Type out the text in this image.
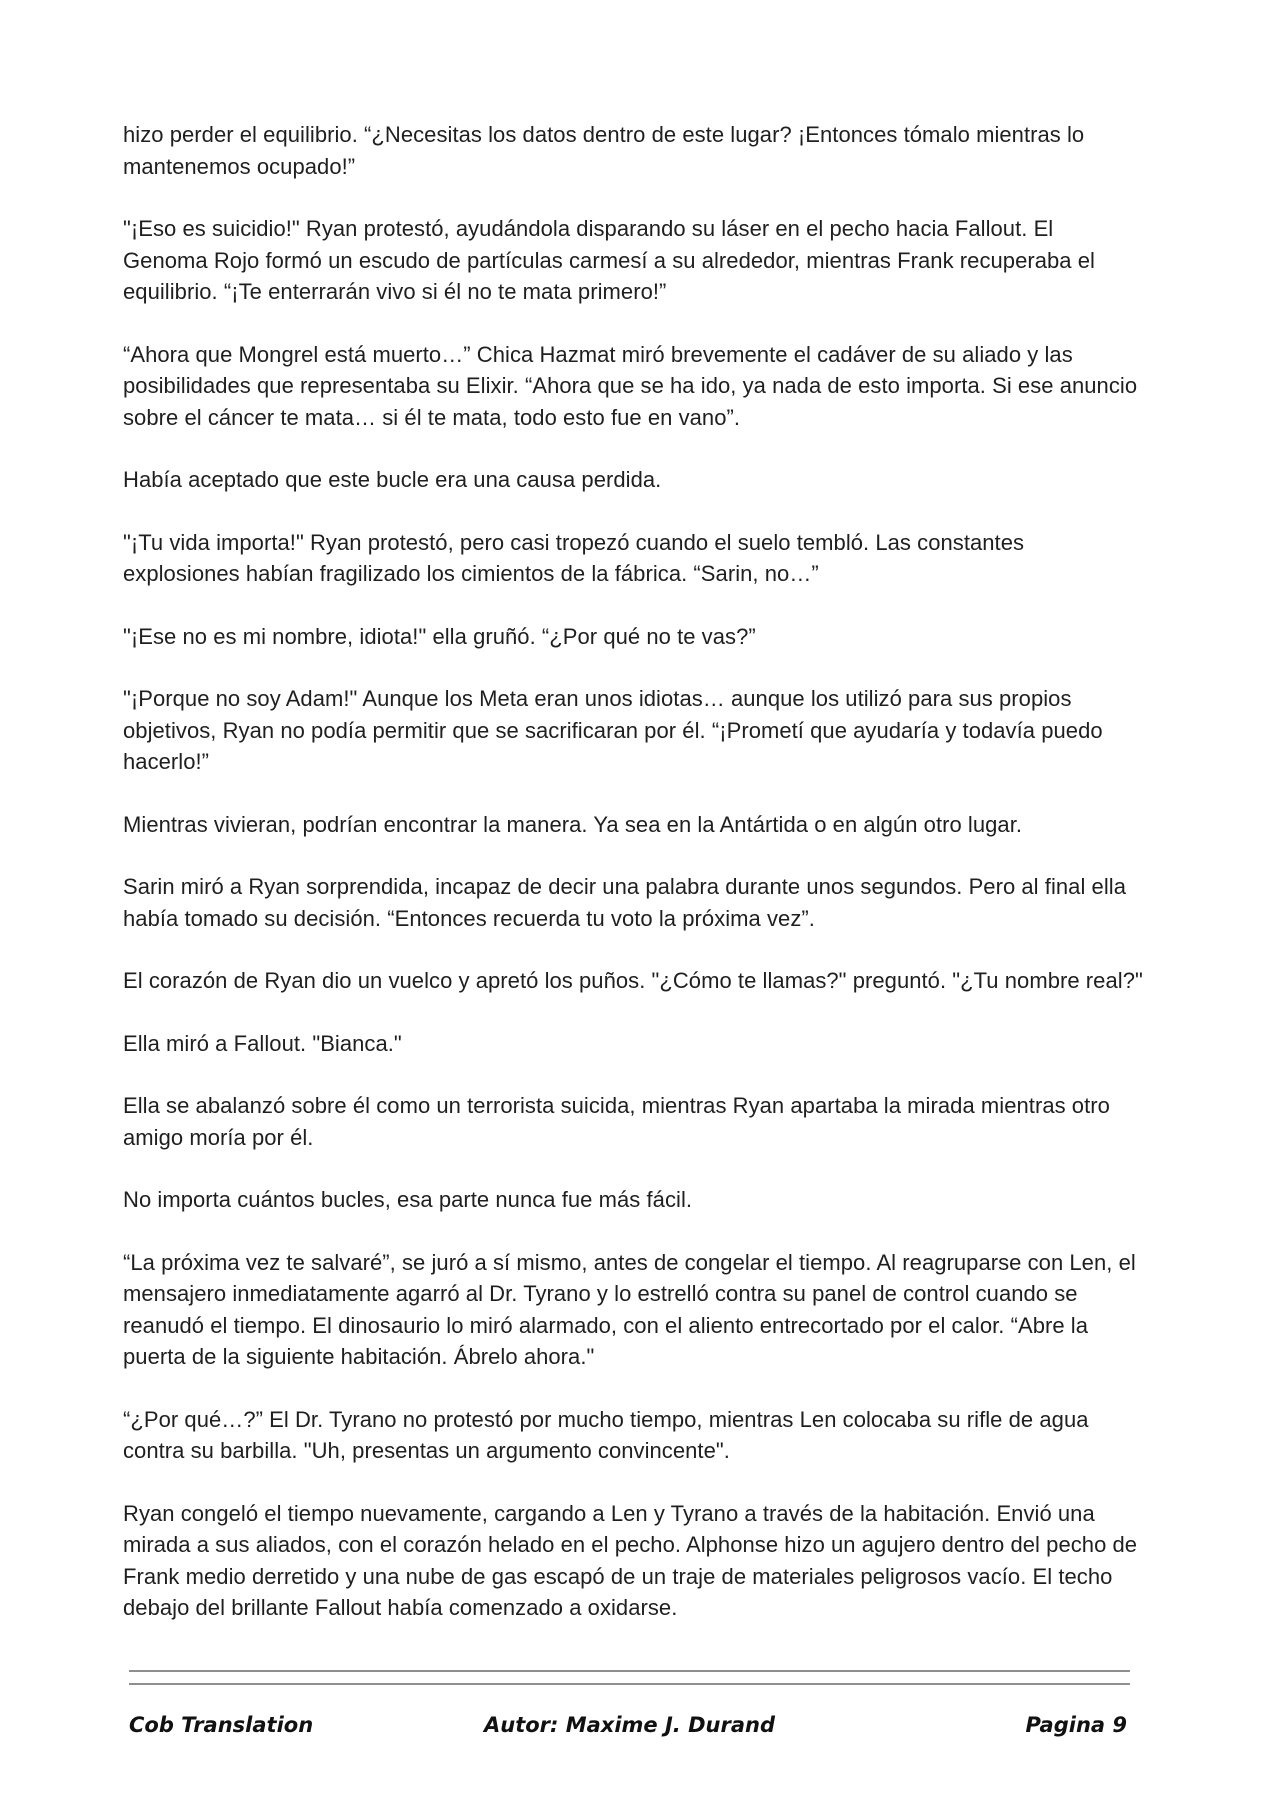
hizo perder el equilibrio. “¿Necesitas los datos dentro de este lugar? ¡Entonces tómalo mientras lo mantenemos ocupado!”

"¡Eso es suicidio!" Ryan protestó, ayudándola disparando su láser en el pecho hacia Fallout. El Genoma Rojo formó un escudo de partículas carmesí a su alrededor, mientras Frank recuperaba el equilibrio. “¡Te enterrarán vivo si él no te mata primero!”

“Ahora que Mongrel está muerto…” Chica Hazmat miró brevemente el cadáver de su aliado y las posibilidades que representaba su Elixir. “Ahora que se ha ido, ya nada de esto importa. Si ese anuncio sobre el cáncer te mata… si él te mata, todo esto fue en vano”.

Había aceptado que este bucle era una causa perdida.

"¡Tu vida importa!" Ryan protestó, pero casi tropezó cuando el suelo tembló. Las constantes explosiones habían fragilizado los cimientos de la fábrica. “Sarin, no…”

"¡Ese no es mi nombre, idiota!" ella gruñó. “¿Por qué no te vas?”

"¡Porque no soy Adam!" Aunque los Meta eran unos idiotas… aunque los utilizó para sus propios objetivos, Ryan no podía permitir que se sacrificaran por él. “¡Prometí que ayudaría y todavía puedo hacerlo!”

Mientras vivieran, podrían encontrar la manera. Ya sea en la Antártida o en algún otro lugar.

Sarin miró a Ryan sorprendida, incapaz de decir una palabra durante unos segundos. Pero al final ella había tomado su decisión. “Entonces recuerda tu voto la próxima vez”.

El corazón de Ryan dio un vuelco y apretó los puños. "¿Cómo te llamas?" preguntó. "¿Tu nombre real?"

Ella miró a Fallout. "Bianca."

Ella se abalanzó sobre él como un terrorista suicida, mientras Ryan apartaba la mirada mientras otro amigo moría por él.

No importa cuántos bucles, esa parte nunca fue más fácil.

“La próxima vez te salvaré”, se juró a sí mismo, antes de congelar el tiempo. Al reagruparse con Len, el mensajero inmediatamente agarró al Dr. Tyrano y lo estrelló contra su panel de control cuando se reanudó el tiempo. El dinosaurio lo miró alarmado, con el aliento entrecortado por el calor. “Abre la puerta de la siguiente habitación. Ábrelo ahora."

“¿Por qué…?” El Dr. Tyrano no protestó por mucho tiempo, mientras Len colocaba su rifle de agua contra su barbilla. "Uh, presentas un argumento convincente".

Ryan congeló el tiempo nuevamente, cargando a Len y Tyrano a través de la habitación. Envió una mirada a sus aliados, con el corazón helado en el pecho. Alphonse hizo un agujero dentro del pecho de Frank medio derretido y una nube de gas escapó de un traje de materiales peligrosos vacío. El techo debajo del brillante Fallout había comenzado a oxidarse.

Cob Translation	Autor: Maxime J. Durand	Pagina 9
